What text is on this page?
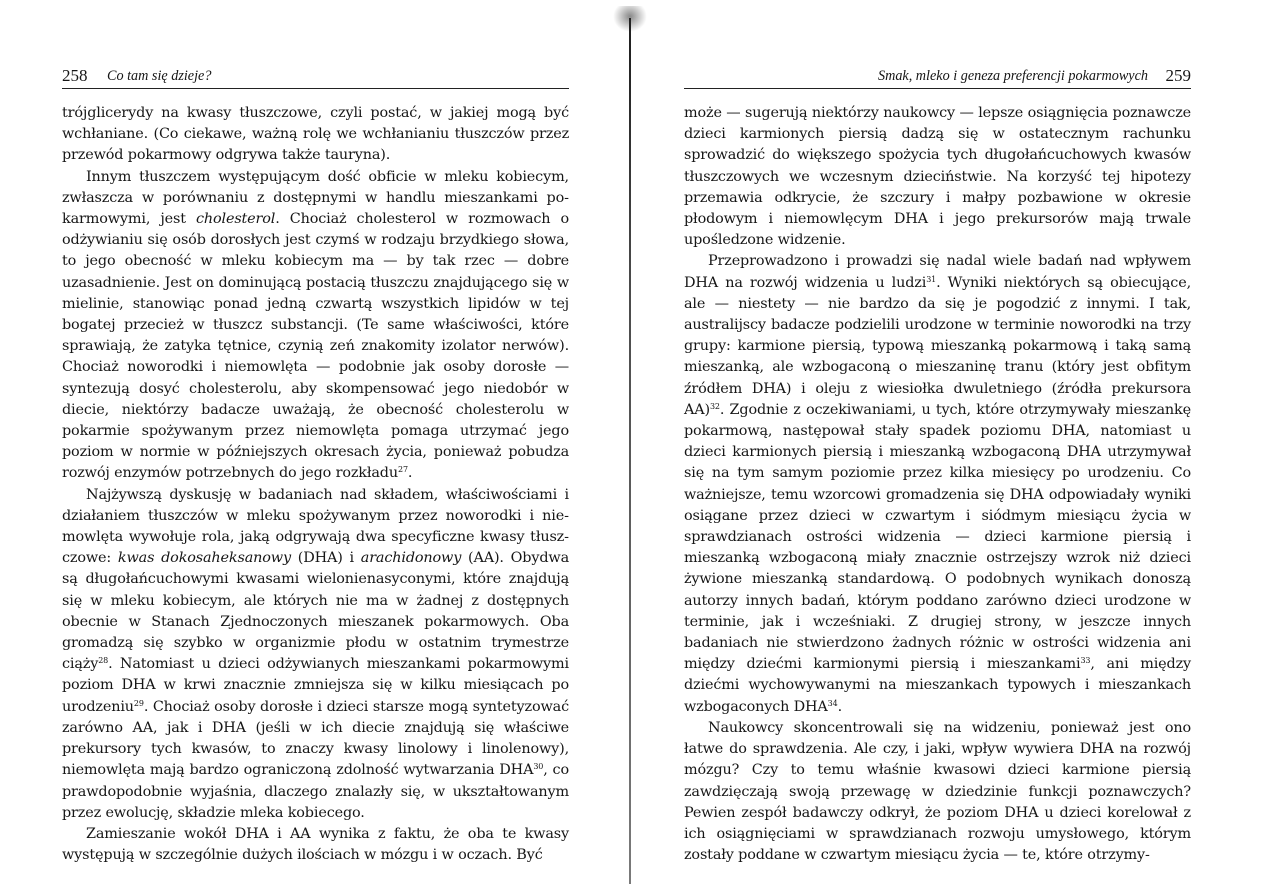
258 Co tam się dzieje?

trójglicerydy na kwasy tłuszczowe, czyli postać, w jakiej mogą być wchłaniane. (Co ciekawe, ważną rolę we wchłanianiu tłuszczów przez przewód pokarmowy odgrywa także tauryna).

Innym tłuszczem występującym dość obficie w mleku kobiecym, zwłaszcza w porównaniu z dostępnymi w handlu mieszankami pokarmowymi, jest cholesterol. Chociaż cholesterol w rozmowach o odżywianiu się osób dorosłych jest czymś w rodzaju brzydkiego słowa, to jego obecność w mleku kobiecym ma — by tak rzec — dobre uzasadnienie. Jest on dominującą postacią tłuszczu znajdującego się w mielinie, stanowiąc ponad jedną czwartą wszystkich lipidów w tej bogatej przecież w tłuszcz substancji. (Te same właściwości, które sprawiają, że zatyka tętnice, czynią zeń znakomity izolator nerwów). Chociaż noworodki i niemowlęta — podobnie jak osoby dorosłe — syntezują dosyć cholesterolu, aby skompensować jego niedobór w diecie, niektórzy badacze uważają, że obecność cholesterolu w pokarmie spożywanym przez niemowlęta pomaga utrzymać jego poziom w normie w późniejszych okresach życia, ponieważ pobudza rozwój enzymów potrzebnych do jego rozkładu$^{27}$.

Najżywszą dyskusję w badaniach nad składem, właściwościami i działaniem tłuszczów w mleku spożywanym przez noworodki i niemowlęta wywołuje rola, jaką odgrywają dwa specyficzne kwasy tłuszczowe: kwas dokosaheksanowy (DHA) i arachidonowy (AA). Obydwa są długołańcuchowymi kwasami wielonienasyconymi, które znajdują się w mleku kobiecym, ale których nie ma w żadnej z dostępnych obecnie w Stanach Zjednoczonych mieszanek pokarmowych. Oba gromadzą się szybko w organizmie płodu w ostatnim trymestrze ciąży$^{28}$. Natomiast u dzieci odżywianych mieszankami pokarmowymi poziom DHA w krwi znacznie zmniejsza się w kilku miesiącach po urodzeniu$^{29}$. Chociaż osoby dorosłe i dzieci starsze mogą syntetyzować zarówno AA, jak i DHA (jeśli w ich diecie znajdują się właściwe prekursory tych kwasów, to znaczy kwasy linolowy i linolenowy), niemowlęta mają bardzo ograniczoną zdolność wytwarzania DHA$^{30}$, co prawdopodobnie wyjaśnia, dlaczego znalazły się, w ukształtowanym przez ewolucję, składzie mleka kobiecego.

Zamieszanie wokół DHA i AA wynika z faktu, że oba te kwasy występują w szczególnie dużych ilościach w mózgu i w oczach. Być

Smak, mleko i geneza preferencji pokarmowych 259

może — sugerują niektórzy naukowcy — lepsze osiągnięcia poznawcze dzieci karmionych piersią dadzą się w ostatecznym rachunku sprowadzić do większego spożycia tych długołańcuchowych kwasów tłuszczowych we wczesnym dzieciństwie. Na korzyść tej hipotezy przemawia odkrycie, że szczury i małpy pozbawione w okresie płodowym i niemowlęcym DHA i jego prekursorów mają trwale upośledzone widzenie.

Przeprowadzono i prowadzi się nadal wiele badań nad wpływem DHA na rozwój widzenia u ludzi$^{31}$. Wyniki niektórych są obiecujące, ale — niestety — nie bardzo da się je pogodzić z innymi. I tak, australijscy badacze podzielili urodzone w terminie noworodki na trzy grupy: karmione piersią, typową mieszanką pokarmową i taką samą mieszanką, ale wzbogaconą o mieszaninę tranu (który jest obfitym źródłem DHA) i oleju z wiesiołka dwuletniego (źródła prekursora AA)$^{32}$. Zgodnie z oczekiwaniami, u tych, które otrzymywały mieszankę pokarmową, następował stały spadek poziomu DHA, natomiast u dzieci karmionych piersią i mieszanką wzbogaconą DHA utrzymywał się na tym samym poziomie przez kilka miesięcy po urodzeniu. Co ważniejsze, temu wzorcowi gromadzenia się DHA odpowiadały wyniki osiągane przez dzieci w czwartym i siódmym miesiącu życia w sprawdzianach ostrości widzenia — dzieci karmione piersią i mieszanką wzbogaconą miały znacznie ostrzejszy wzrok niż dzieci żywione mieszanką standardową. O podobnych wynikach donoszą autorzy innych badań, którym poddano zarówno dzieci urodzone w terminie, jak i wcześniaki. Z drugiej strony, w jeszcze innych badaniach nie stwierdzono żadnych różnic w ostrości widzenia ani między dziećmi karmionymi piersią i mieszankami$^{33}$, ani między dziećmi wychowywanymi na mieszankach typowych i mieszankach wzbogaconych DHA$^{34}$.

Naukowcy skoncentrowali się na widzeniu, ponieważ jest ono łatwe do sprawdzenia. Ale czy, i jaki, wpływ wywiera DHA na rozwój mózgu? Czy to temu właśnie kwasowi dzieci karmione piersią zawdzięczają swoją przewagę w dziedzinie funkcji poznawczych? Pewien zespół badawczy odkrył, że poziom DHA u dzieci korelował z ich osiągnięciami w sprawdzianach rozwoju umysłowego, którym zostały poddane w czwartym miesiącu życia — te, które otrzymy-
